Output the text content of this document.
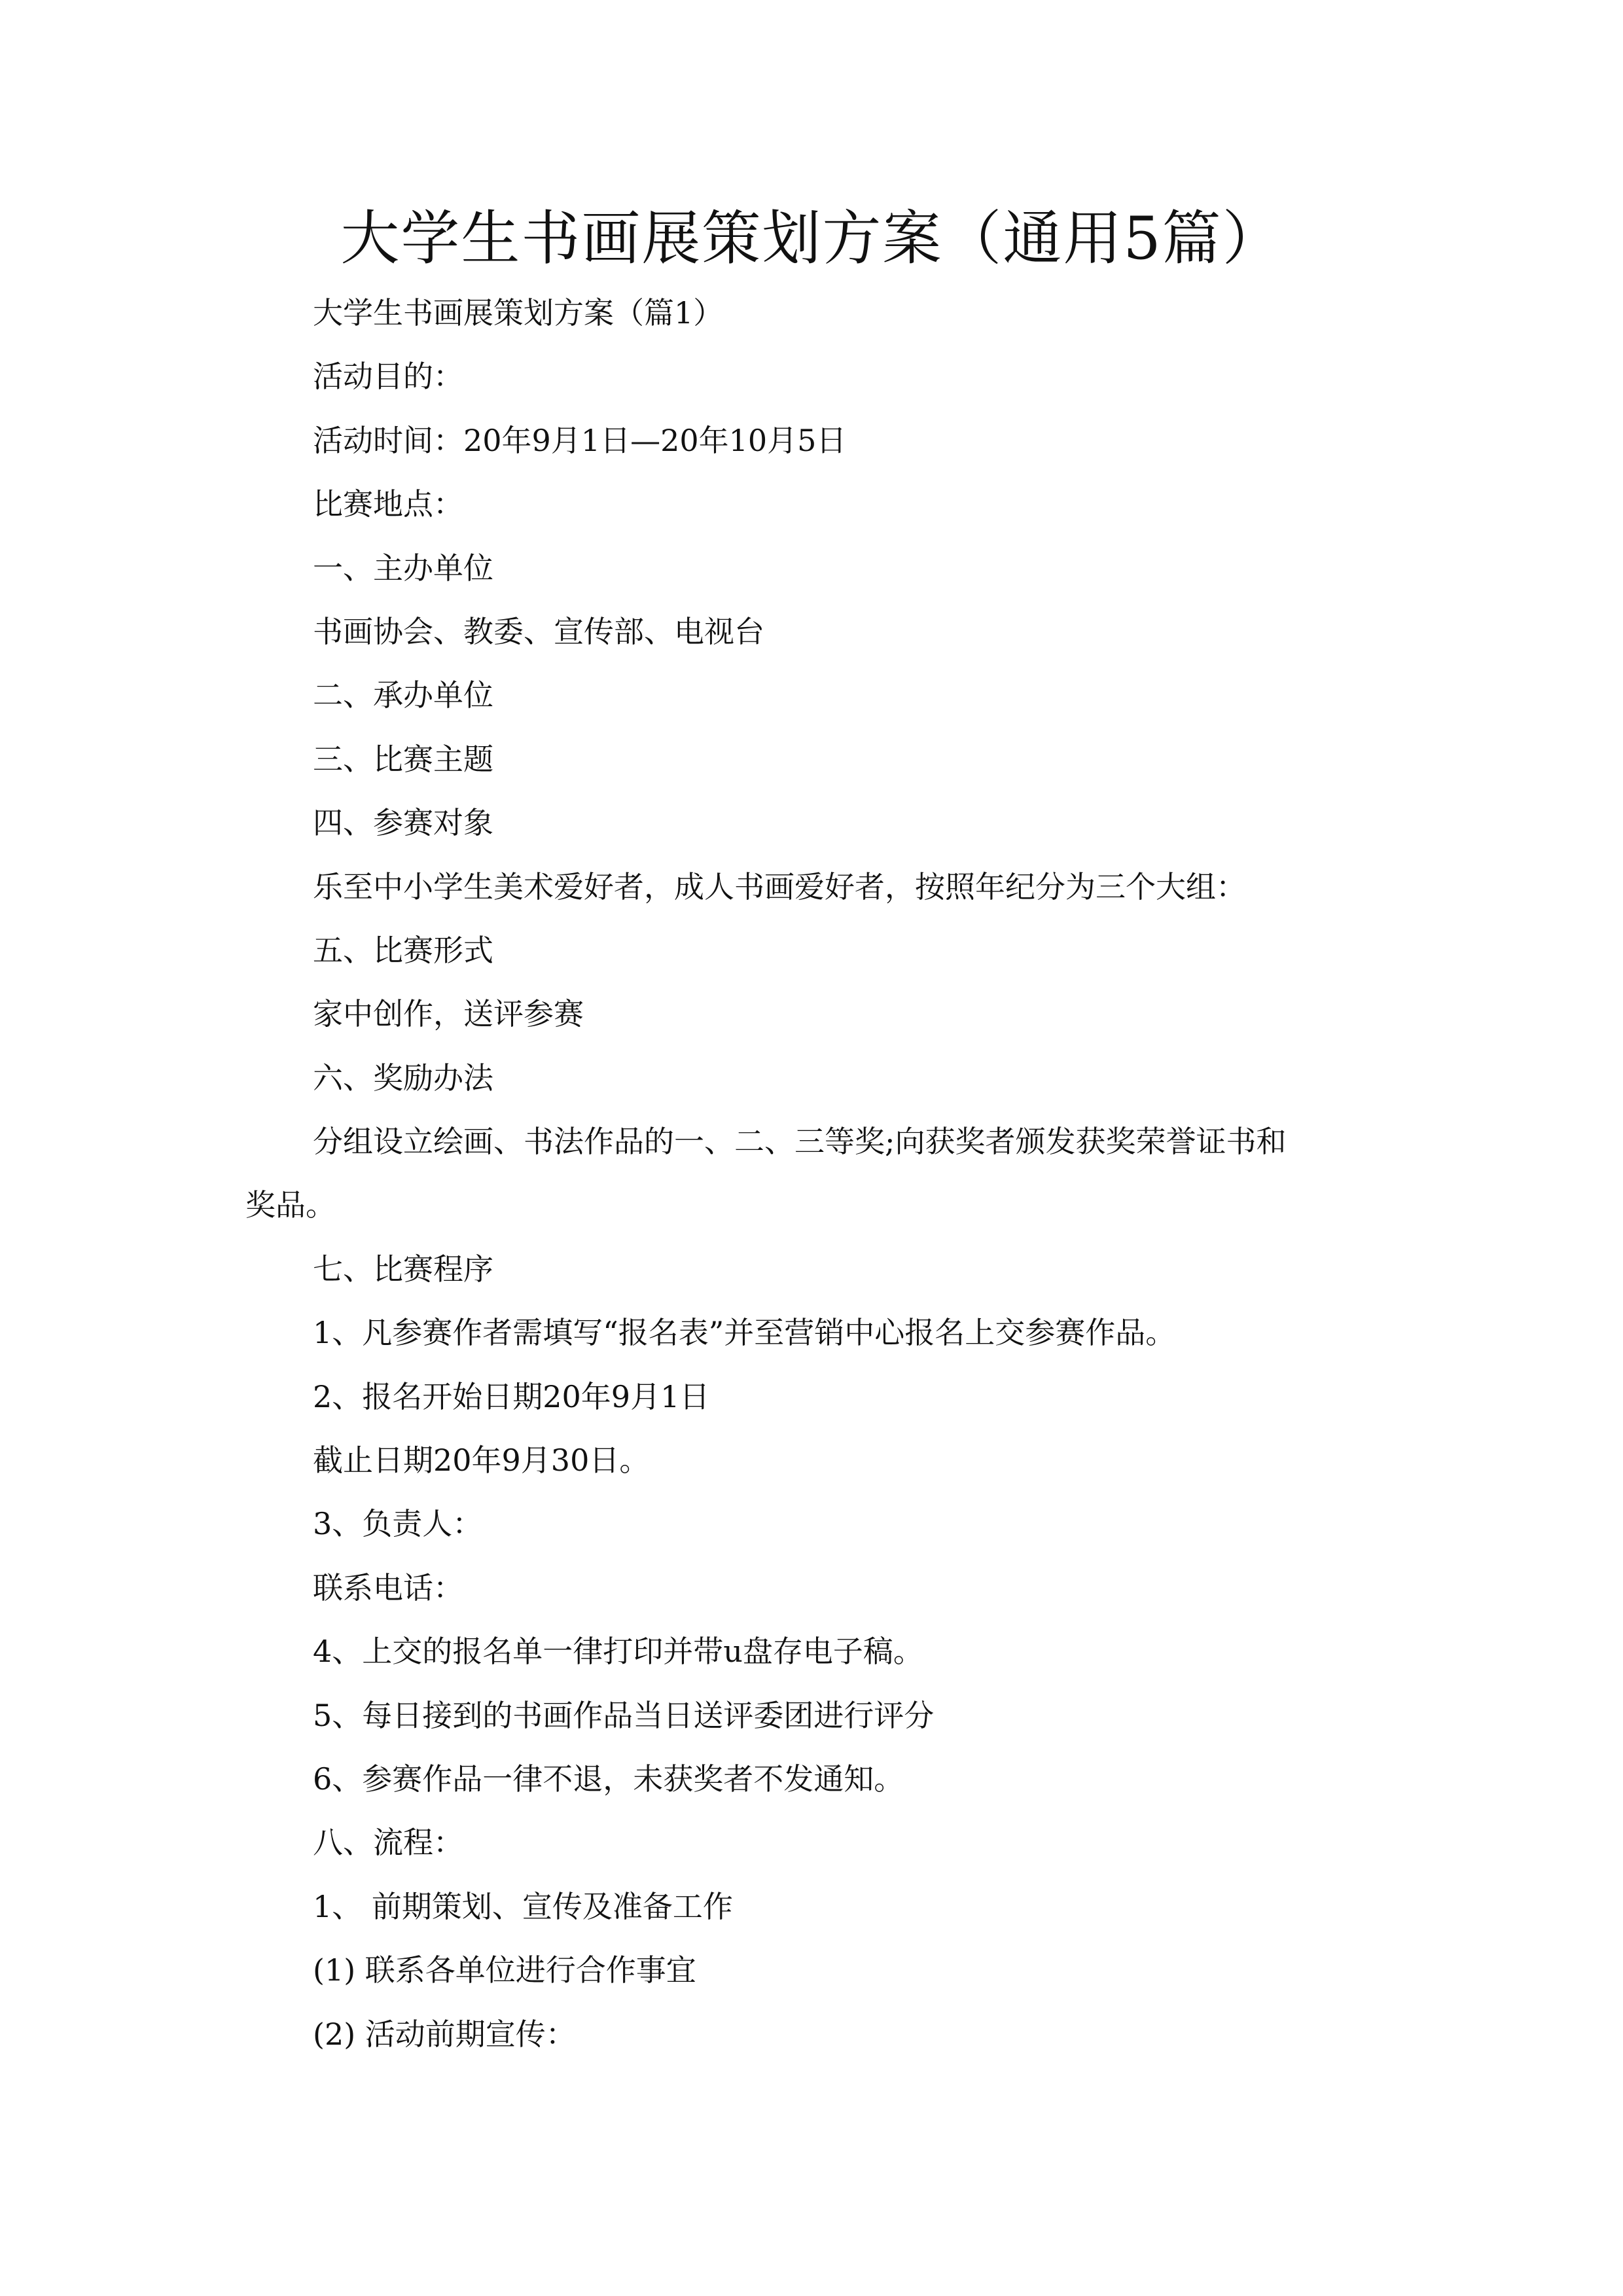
大学生书画展策划方案（通用5篇）
大学生书画展策划方案（篇1）
活动目的：
活动时间：20年9月1日—20年10月5日
比赛地点：
一、主办单位
书画协会、教委、宣传部、电视台
二、承办单位
三、比赛主题
四、参赛对象
乐至中小学生美术爱好者，成人书画爱好者，按照年纪分为三个大组：
五、比赛形式
家中创作，送评参赛
六、奖励办法
分组设立绘画、书法作品的一、二、三等奖;向获奖者颁发获奖荣誉证书和
奖品。
七、比赛程序
1、凡参赛作者需填写“报名表”并至营销中心报名上交参赛作品。
2、报名开始日期20年9月1日
截止日期20年9月30日。
3、负责人：
联系电话：
4、上交的报名单一律打印并带u盘存电子稿。
5、每日接到的书画作品当日送评委团进行评分
6、参赛作品一律不退，未获奖者不发通知。
八、流程：
1、 前期策划、宣传及准备工作
(1) 联系各单位进行合作事宜
(2) 活动前期宣传：
